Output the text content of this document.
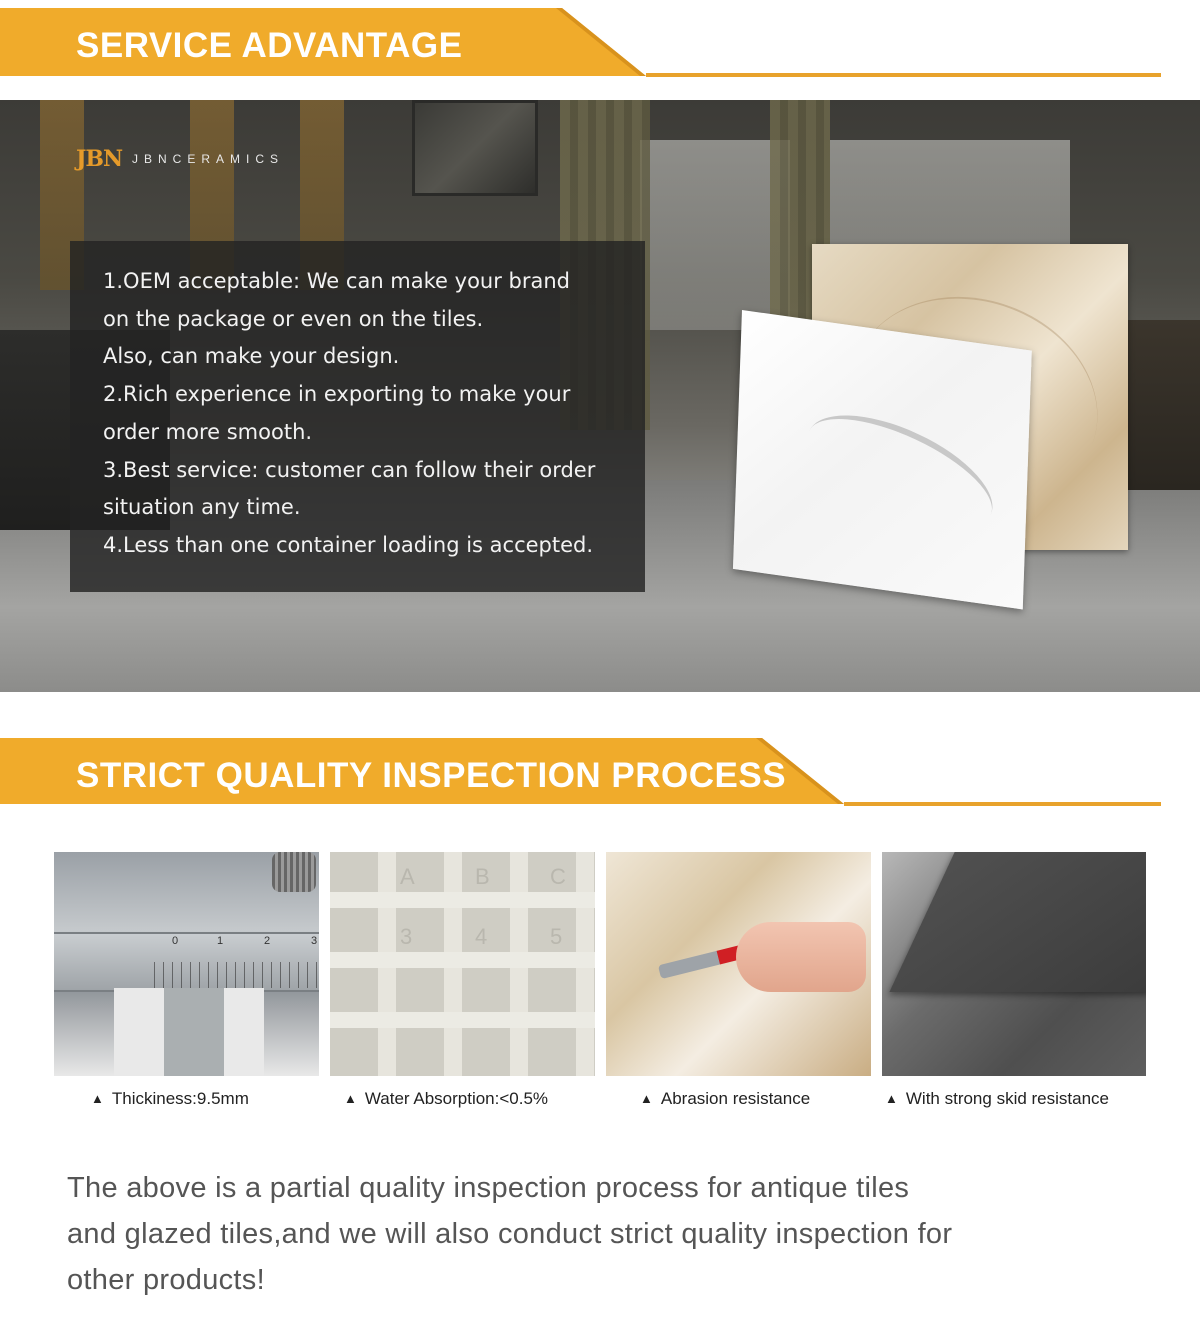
SERVICE ADVANTAGE
JBN JBNCERAMICS
1.OEM acceptable: We can make your brand
on the package or even on the tiles.
Also, can make your design.
2.Rich experience in exporting to make your
order more smooth.
3.Best service: customer can follow their order
situation any time.
4.Less than one container loading is accepted.
STRICT QUALITY INSPECTION PROCESS
0	1	2	3
A	B	C
3	4	5
▲ Thickiness:9.5mm	▲ Water Absorption:<0.5%	▲ Abrasion resistance	▲ With strong skid resistance
The above is a partial quality inspection process for antique tiles
and glazed tiles,and we will also conduct strict quality inspection for
other products!
